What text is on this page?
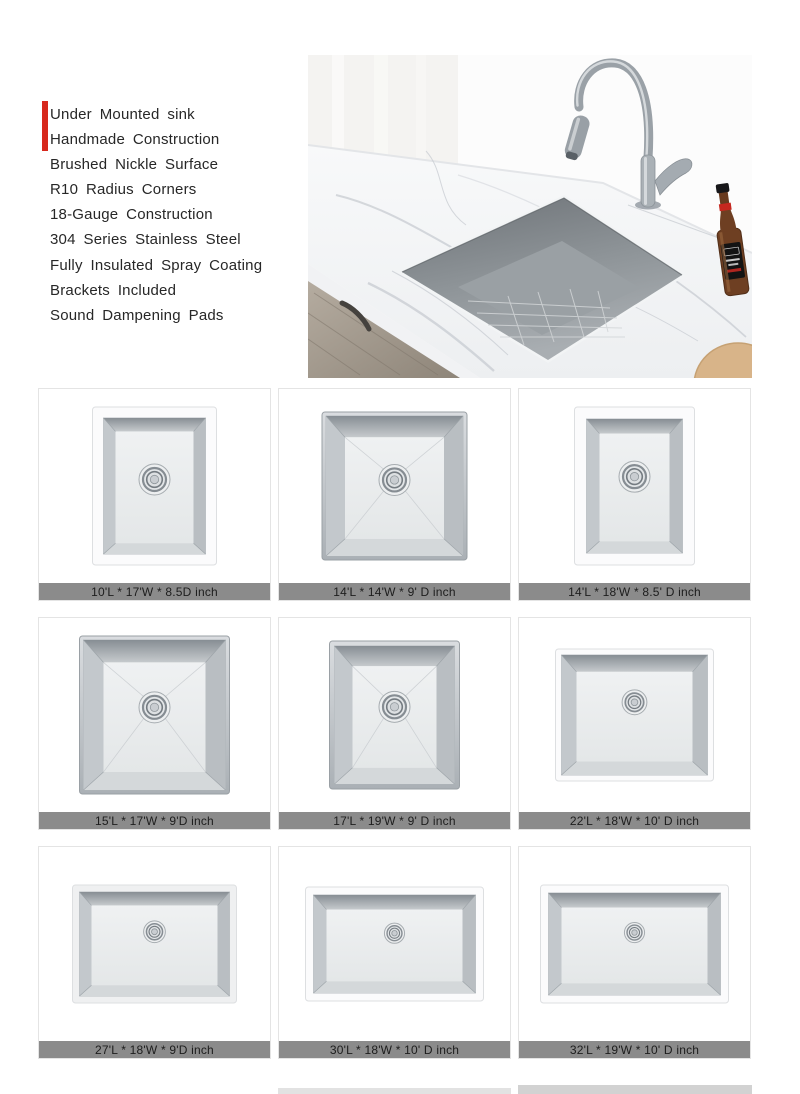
Under Mounted sink
Handmade Construction
Brushed Nickle Surface
R10 Radius Corners
18-Gauge Construction
304 Series Stainless Steel
Fully Insulated Spray Coating
Brackets Included
Sound Dampening Pads
10'L * 17'W * 8.5D inch	14'L * 14'W * 9' D inch	14'L * 18'W * 8.5' D inch
15'L * 17'W * 9'D inch	17'L * 19'W * 9' D inch	22'L * 18'W * 10' D inch
27'L * 18'W * 9'D inch	30'L * 18'W * 10' D inch	32'L * 19'W * 10' D inch
